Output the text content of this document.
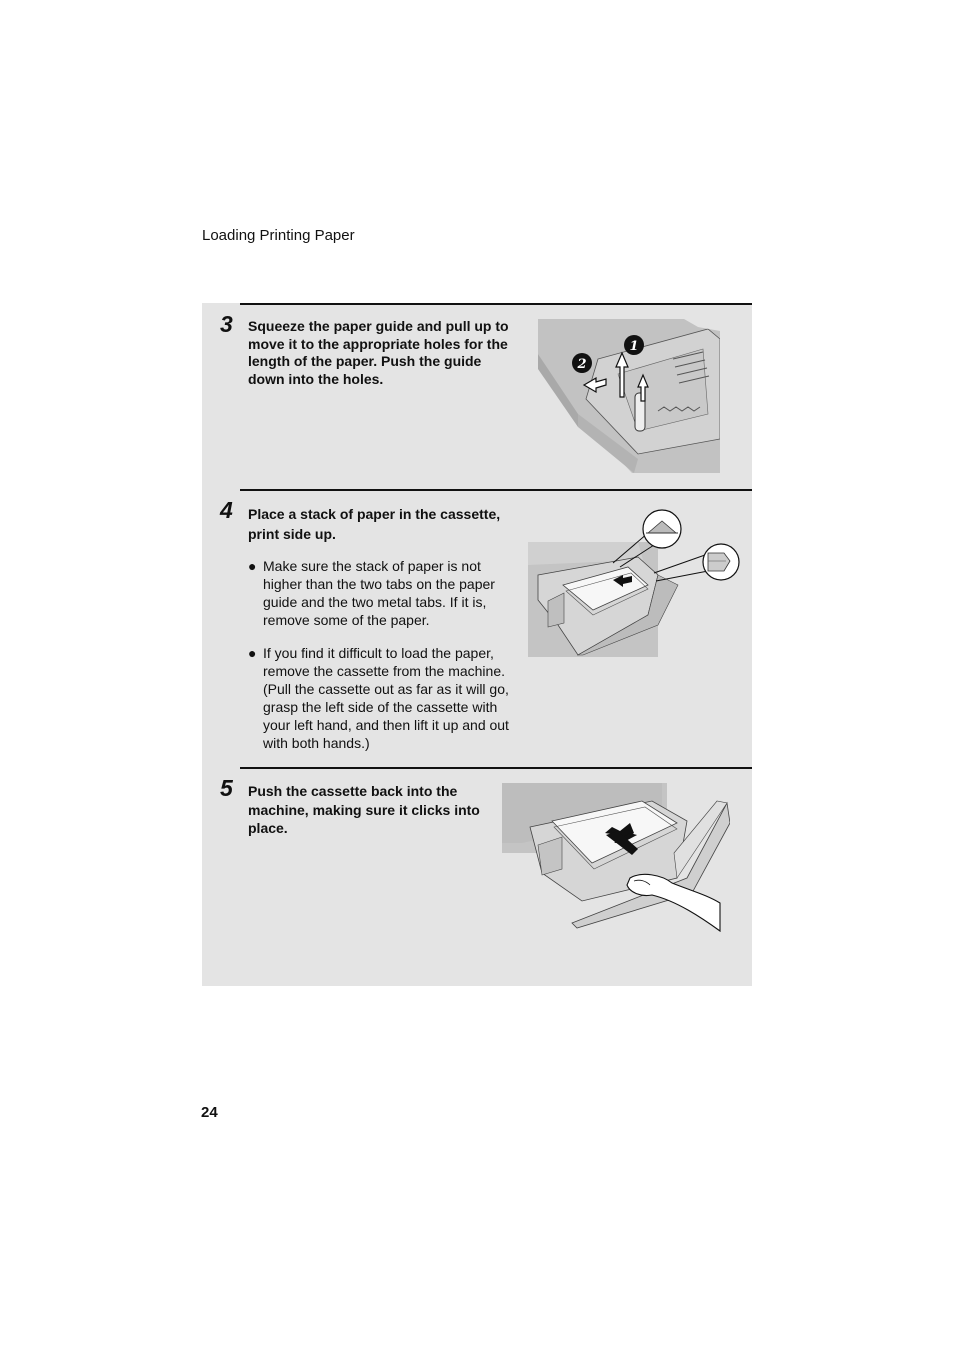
Loading Printing Paper
3 Squeeze the paper guide and pull up to move it to the appropriate holes for the length of the paper. Push the guide down into the holes.
1
2
4 Place a stack of paper in the cassette, print side up.
● Make sure the stack of paper is not higher than the two tabs on the paper guide and the two metal tabs. If it is, remove some of the paper.
● If you find it difficult to load the paper, remove the cassette from the machine. (Pull the cassette out as far as it will go, grasp the left side of the cassette with your left hand, and then lift it up and out with both hands.)
5 Push the cassette back into the machine, making sure it clicks into place.
24
